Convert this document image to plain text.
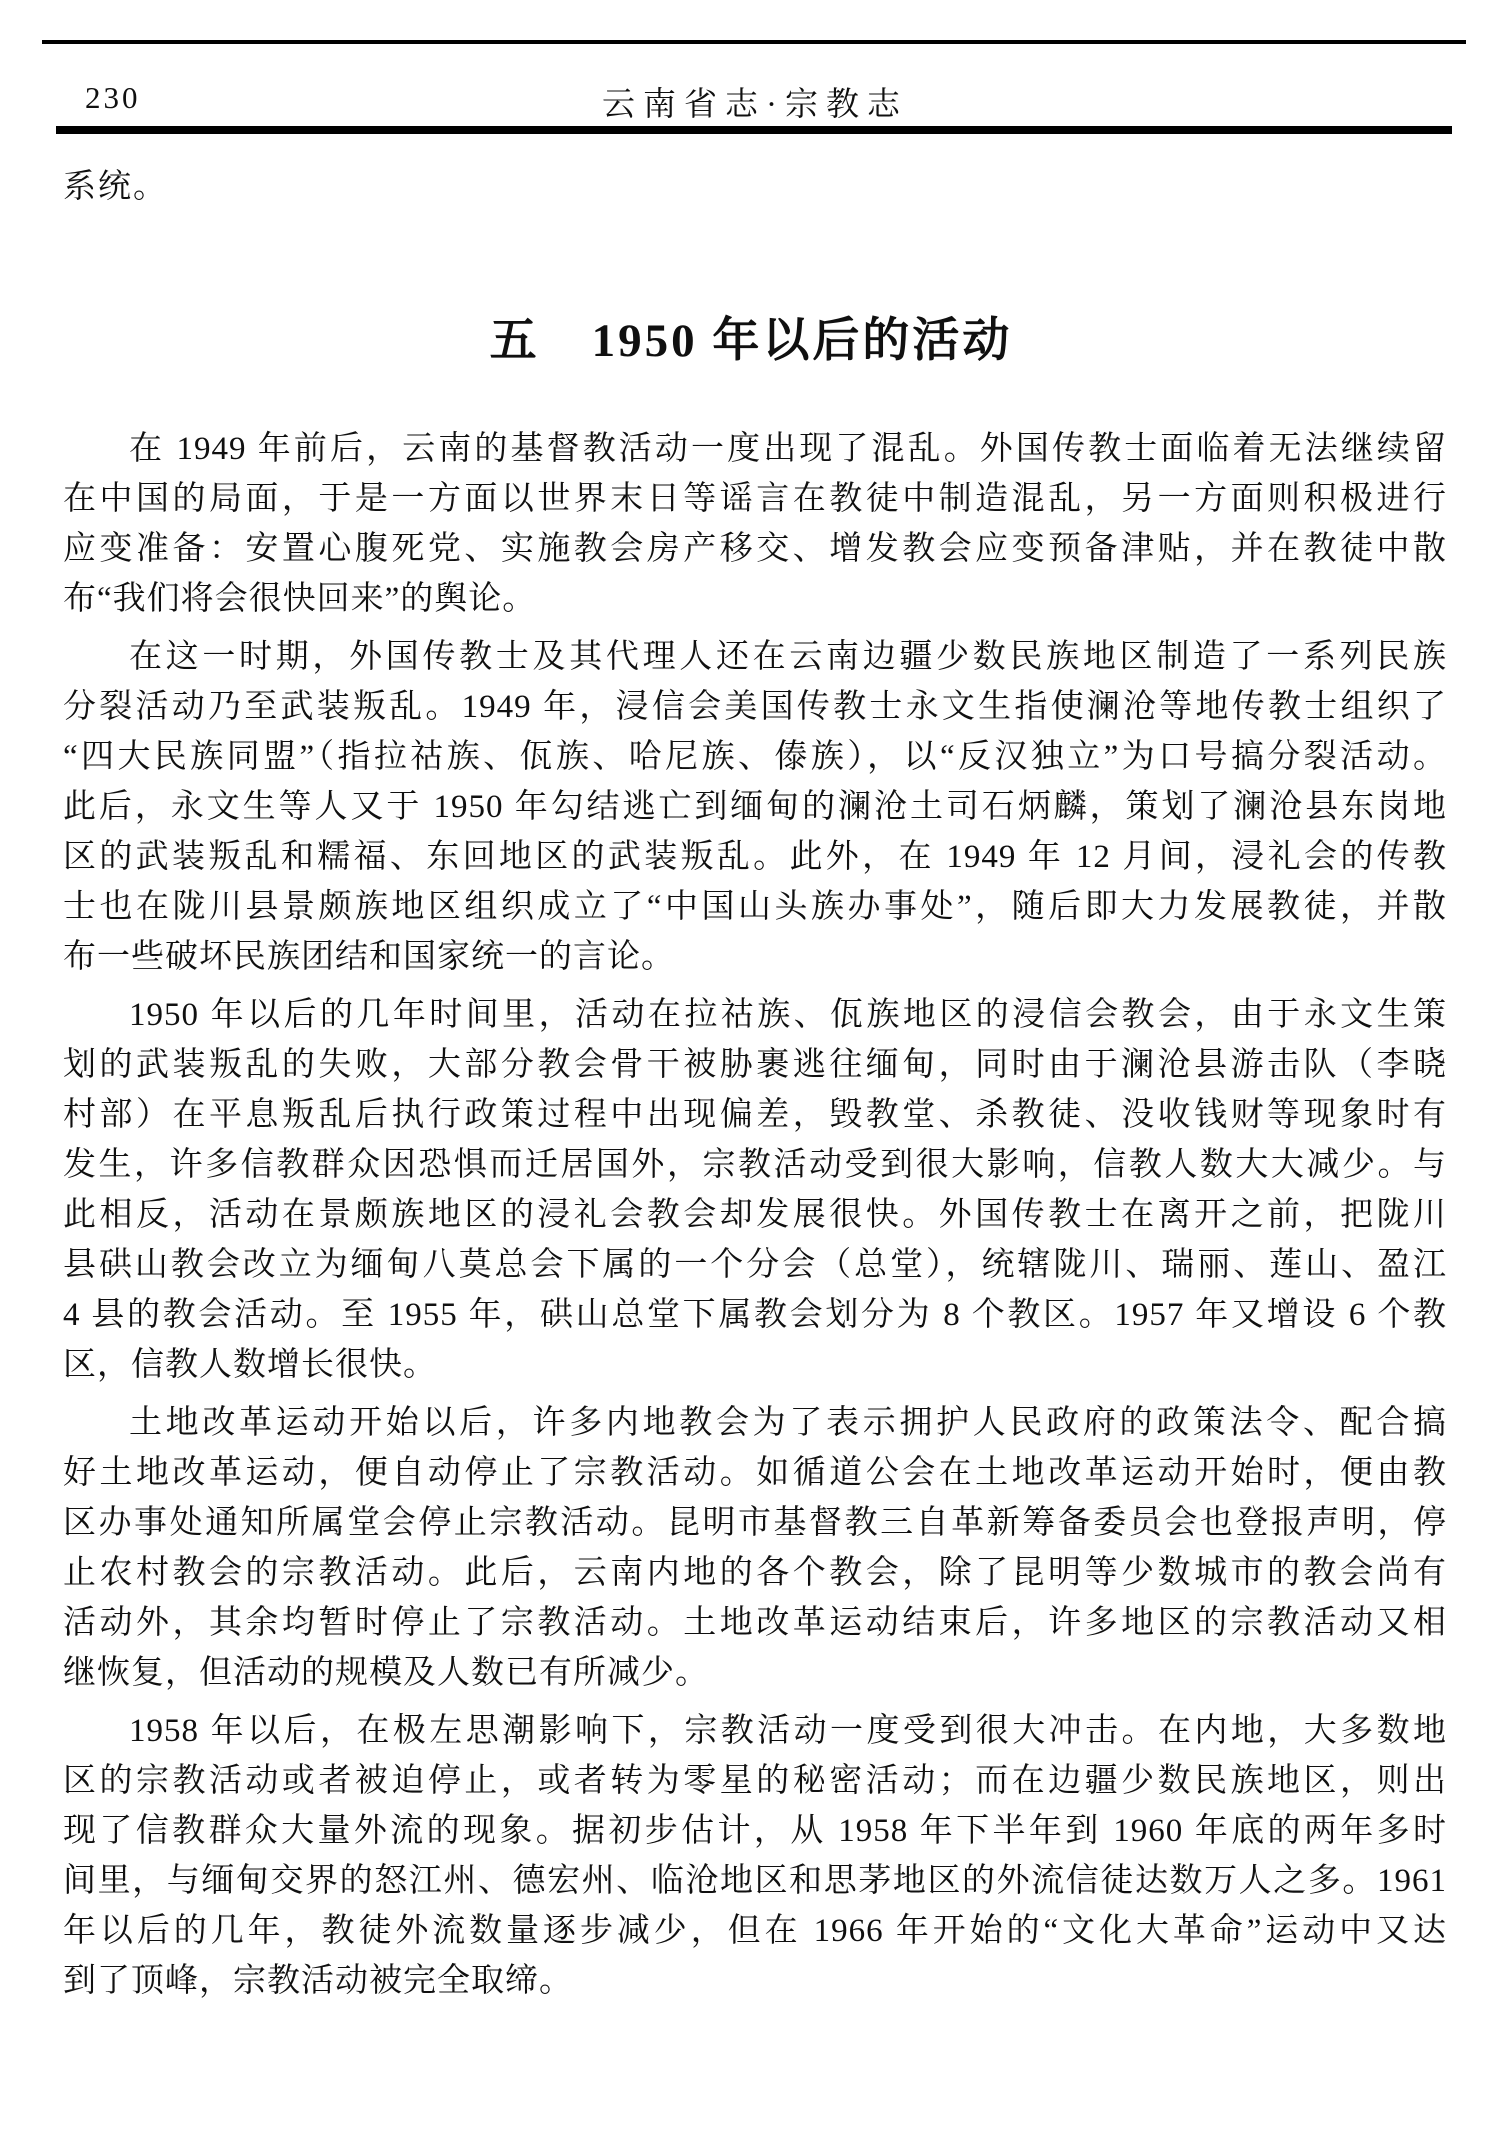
230	云南省志·宗教志
系统。
五 1950 年以后的活动
在 1949 年前后，云南的基督教活动一度出现了混乱。外国传教士面临着无法继续留
在中国的局面，于是一方面以世界末日等谣言在教徒中制造混乱，另一方面则积极进行
应变准备：安置心腹死党、实施教会房产移交、增发教会应变预备津贴，并在教徒中散
布“我们将会很快回来”的舆论。
在这一时期，外国传教士及其代理人还在云南边疆少数民族地区制造了一系列民族
分裂活动乃至武装叛乱。1949 年，浸信会美国传教士永文生指使澜沧等地传教士组织了
“四大民族同盟”（指拉祜族、佤族、哈尼族、傣族），以“反汉独立”为口号搞分裂活动。
此后，永文生等人又于 1950 年勾结逃亡到缅甸的澜沧土司石炳麟，策划了澜沧县东岗地
区的武装叛乱和糯福、东回地区的武装叛乱。此外，在 1949 年 12 月间，浸礼会的传教
士也在陇川县景颇族地区组织成立了“中国山头族办事处”，随后即大力发展教徒，并散
布一些破坏民族团结和国家统一的言论。
1950 年以后的几年时间里，活动在拉祜族、佤族地区的浸信会教会，由于永文生策
划的武装叛乱的失败，大部分教会骨干被胁裹逃往缅甸，同时由于澜沧县游击队（李晓
村部）在平息叛乱后执行政策过程中出现偏差，毁教堂、杀教徒、没收钱财等现象时有
发生，许多信教群众因恐惧而迁居国外，宗教活动受到很大影响，信教人数大大减少。与
此相反，活动在景颇族地区的浸礼会教会却发展很快。外国传教士在离开之前，把陇川
县硔山教会改立为缅甸八莫总会下属的一个分会（总堂），统辖陇川、瑞丽、莲山、盈江
4 县的教会活动。至 1955 年，硔山总堂下属教会划分为 8 个教区。1957 年又增设 6 个教
区，信教人数增长很快。
土地改革运动开始以后，许多内地教会为了表示拥护人民政府的政策法令、配合搞
好土地改革运动，便自动停止了宗教活动。如循道公会在土地改革运动开始时，便由教
区办事处通知所属堂会停止宗教活动。昆明市基督教三自革新筹备委员会也登报声明，停
止农村教会的宗教活动。此后，云南内地的各个教会，除了昆明等少数城市的教会尚有
活动外，其余均暂时停止了宗教活动。土地改革运动结束后，许多地区的宗教活动又相
继恢复，但活动的规模及人数已有所减少。
1958 年以后，在极左思潮影响下，宗教活动一度受到很大冲击。在内地，大多数地
区的宗教活动或者被迫停止，或者转为零星的秘密活动；而在边疆少数民族地区，则出
现了信教群众大量外流的现象。据初步估计，从 1958 年下半年到 1960 年底的两年多时
间里，与缅甸交界的怒江州、德宏州、临沧地区和思茅地区的外流信徒达数万人之多。1961
年以后的几年，教徒外流数量逐步减少，但在 1966 年开始的“文化大革命”运动中又达
到了顶峰，宗教活动被完全取缔。
